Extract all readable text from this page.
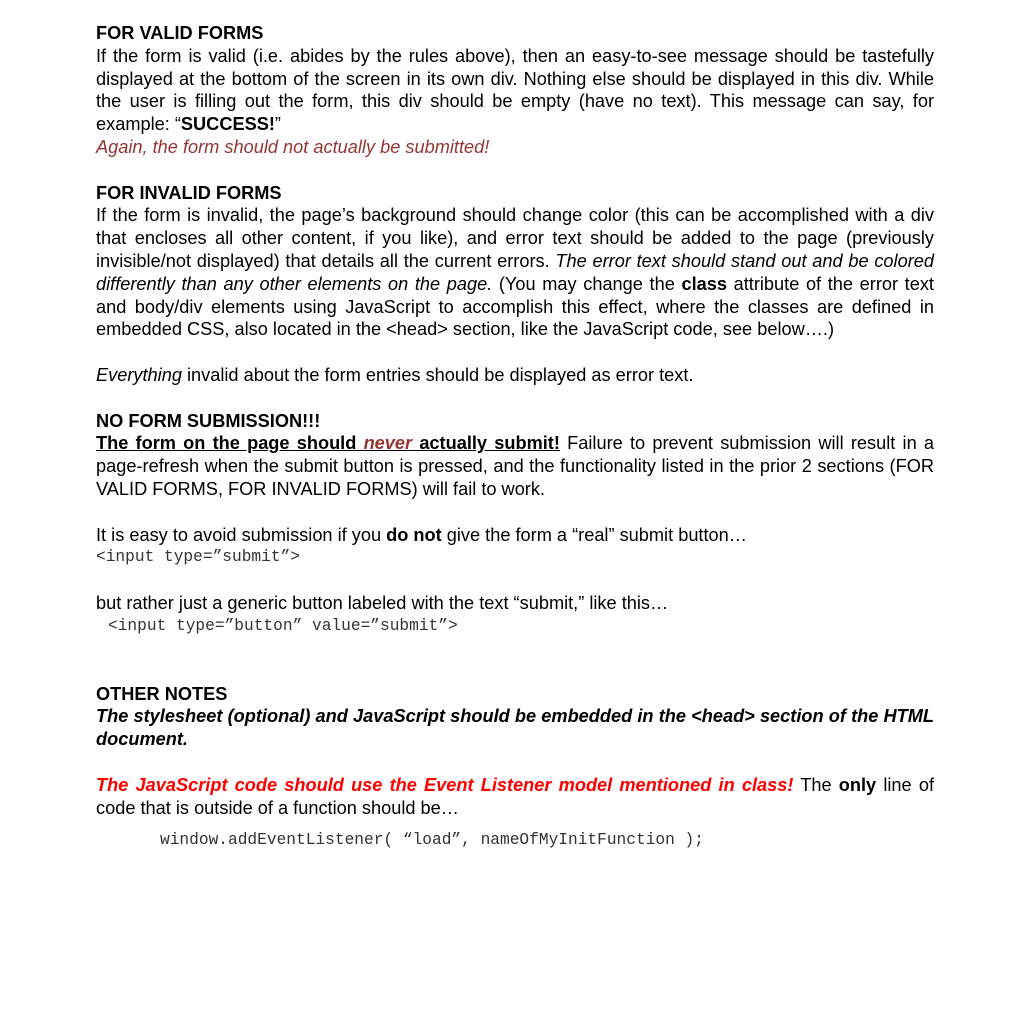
FOR VALID FORMS

If the form is valid (i.e. abides by the rules above), then an easy-to-see message should be tastefully displayed at the bottom of the screen in its own div. Nothing else should be displayed in this div. While the user is filling out the form, this div should be empty (have no text). This message can say, for example: “SUCCESS!”

Again, the form should not actually be submitted!

FOR INVALID FORMS

If the form is invalid, the page’s background should change color (this can be accomplished with a div that encloses all other content, if you like), and error text should be added to the page (previously invisible/not displayed) that details all the current errors. The error text should stand out and be colored differently than any other elements on the page. (You may change the class attribute of the error text and body/div elements using JavaScript to accomplish this effect, where the classes are defined in embedded CSS, also located in the <head> section, like the JavaScript code, see below….)

Everything invalid about the form entries should be displayed as error text.

NO FORM SUBMISSION!!!

The form on the page should never actually submit! Failure to prevent submission will result in a page-refresh when the submit button is pressed, and the functionality listed in the prior 2 sections (FOR VALID FORMS, FOR INVALID FORMS) will fail to work.

It is easy to avoid submission if you do not give the form a “real” submit button…

<input type=”submit”>

but rather just a generic button labeled with the text “submit,” like this…

<input type=”button” value=”submit”>
OTHER NOTES

The stylesheet (optional) and JavaScript should be embedded in the <head> section of the HTML document.

The JavaScript code should use the Event Listener model mentioned in class! The only line of code that is outside of a function should be…

window.addEventListener( “load”, nameOfMyInitFunction );
